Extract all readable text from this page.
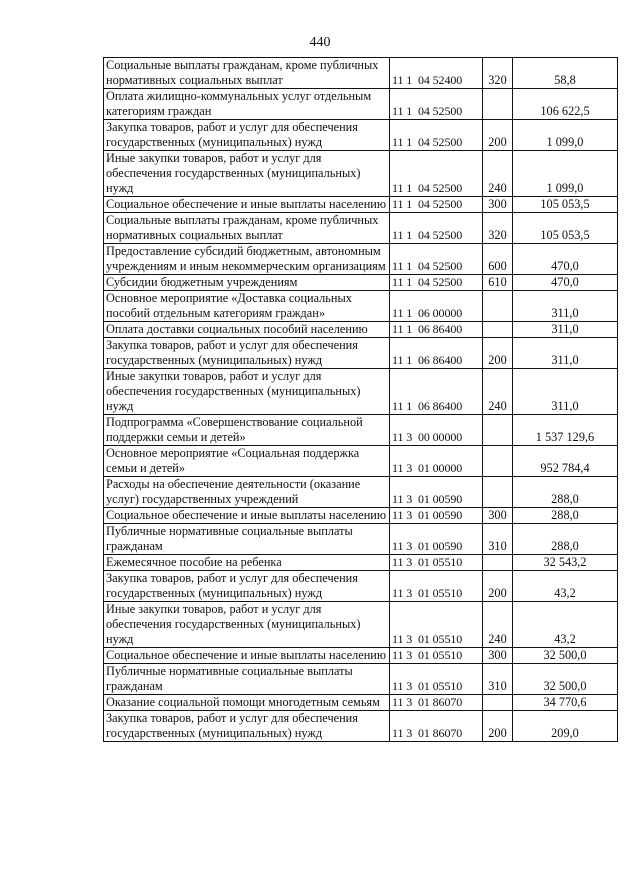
440
Социальные выплаты гражданам, кроме публичных нормативных социальных выплат	11 1  04 52400	320	58,8
Оплата жилищно-коммунальных услуг отдельным категориям граждан	11 1  04 52500		106 622,5
Закупка товаров, работ и услуг для обеспечения государственных (муниципальных) нужд	11 1  04 52500	200	1 099,0
Иные закупки товаров, работ и услуг для обеспечения государственных (муниципальных) нужд	11 1  04 52500	240	1 099,0
Социальное обеспечение и иные выплаты населению	11 1  04 52500	300	105 053,5
Социальные выплаты гражданам, кроме публичных нормативных социальных выплат	11 1  04 52500	320	105 053,5
Предоставление субсидий бюджетным, автономным учреждениям и иным некоммерческим организациям	11 1  04 52500	600	470,0
Субсидии бюджетным учреждениям	11 1  04 52500	610	470,0
Основное мероприятие «Доставка социальных пособий отдельным категориям граждан»	11 1  06 00000		311,0
Оплата доставки социальных пособий населению	11 1  06 86400		311,0
Закупка товаров, работ и услуг для обеспечения государственных (муниципальных) нужд	11 1  06 86400	200	311,0
Иные закупки товаров, работ и услуг для обеспечения государственных (муниципальных) нужд	11 1  06 86400	240	311,0
Подпрограмма «Совершенствование социальной поддержки семьи и детей»	11 3  00 00000		1 537 129,6
Основное мероприятие «Социальная поддержка семьи и детей»	11 3  01 00000		952 784,4
Расходы на обеспечение деятельности (оказание услуг) государственных учреждений	11 3  01 00590		288,0
Социальное обеспечение и иные выплаты населению	11 3  01 00590	300	288,0
Публичные нормативные социальные выплаты гражданам	11 3  01 00590	310	288,0
Ежемесячное пособие на ребенка	11 3  01 05510		32 543,2
Закупка товаров, работ и услуг для обеспечения государственных (муниципальных) нужд	11 3  01 05510	200	43,2
Иные закупки товаров, работ и услуг для обеспечения государственных (муниципальных) нужд	11 3  01 05510	240	43,2
Социальное обеспечение и иные выплаты населению	11 3  01 05510	300	32 500,0
Публичные нормативные социальные выплаты гражданам	11 3  01 05510	310	32 500,0
Оказание социальной помощи многодетным семьям	11 3  01 86070		34 770,6
Закупка товаров, работ и услуг для обеспечения государственных (муниципальных) нужд	11 3  01 86070	200	209,0
